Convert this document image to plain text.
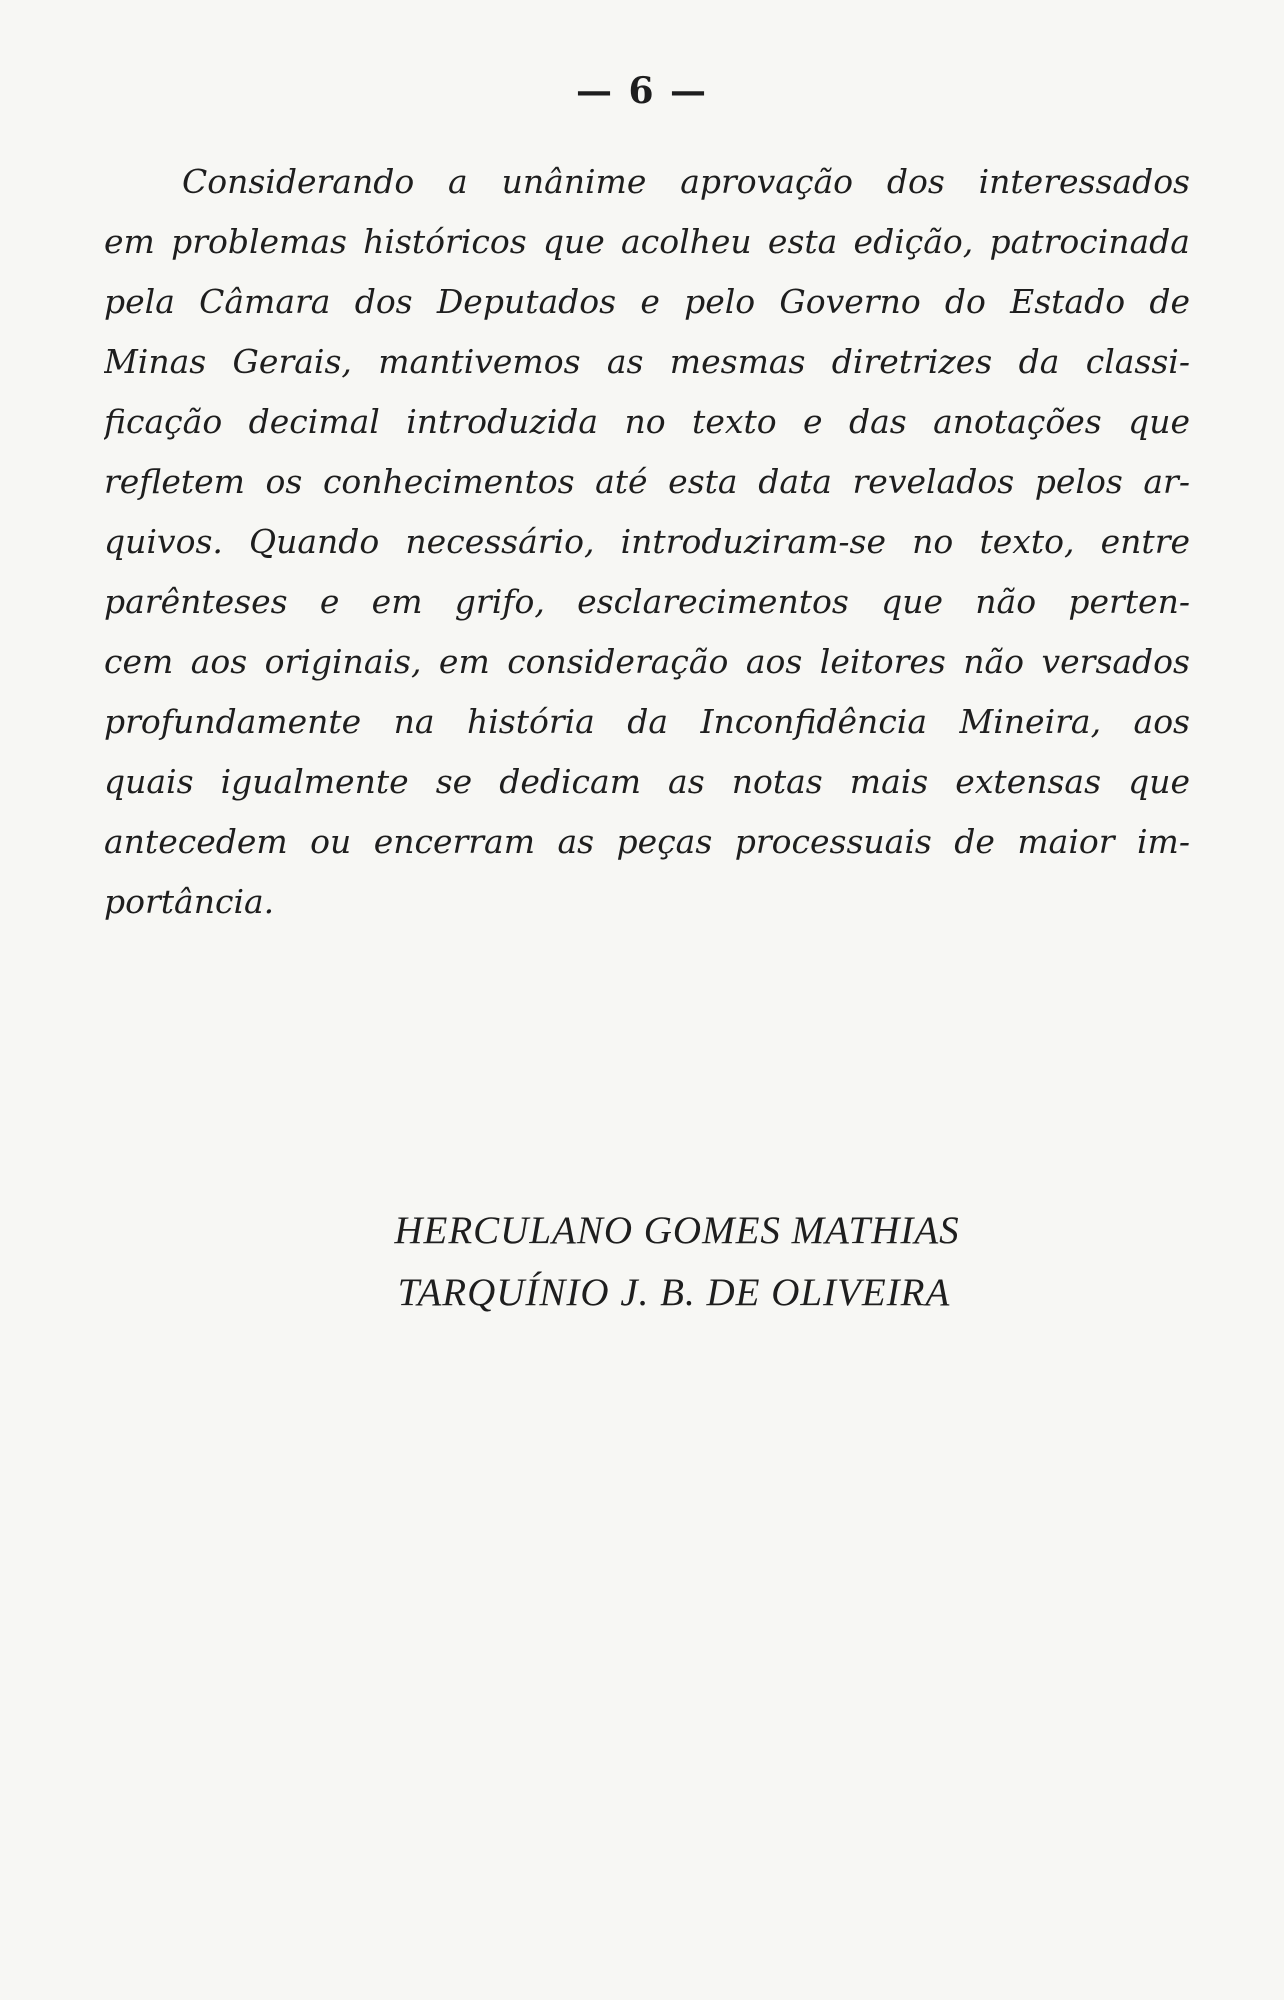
— 6 —
Considerando a unânime aprovação dos interessados
em problemas históricos que acolheu esta edição, patrocinada
pela Câmara dos Deputados e pelo Governo do Estado de
Minas Gerais, mantivemos as mesmas diretrizes da classi-
ficação decimal introduzida no texto e das anotações que
refletem os conhecimentos até esta data revelados pelos ar-
quivos. Quando necessário, introduziram-se no texto, entre
parênteses e em grifo, esclarecimentos que não perten-
cem aos originais, em consideração aos leitores não versados
profundamente na história da Inconfidência Mineira, aos
quais igualmente se dedicam as notas mais extensas que
antecedem ou encerram as peças processuais de maior im-
portância.
HERCULANO GOMES MATHIAS
TARQUÍNIO J. B. DE OLIVEIRA
